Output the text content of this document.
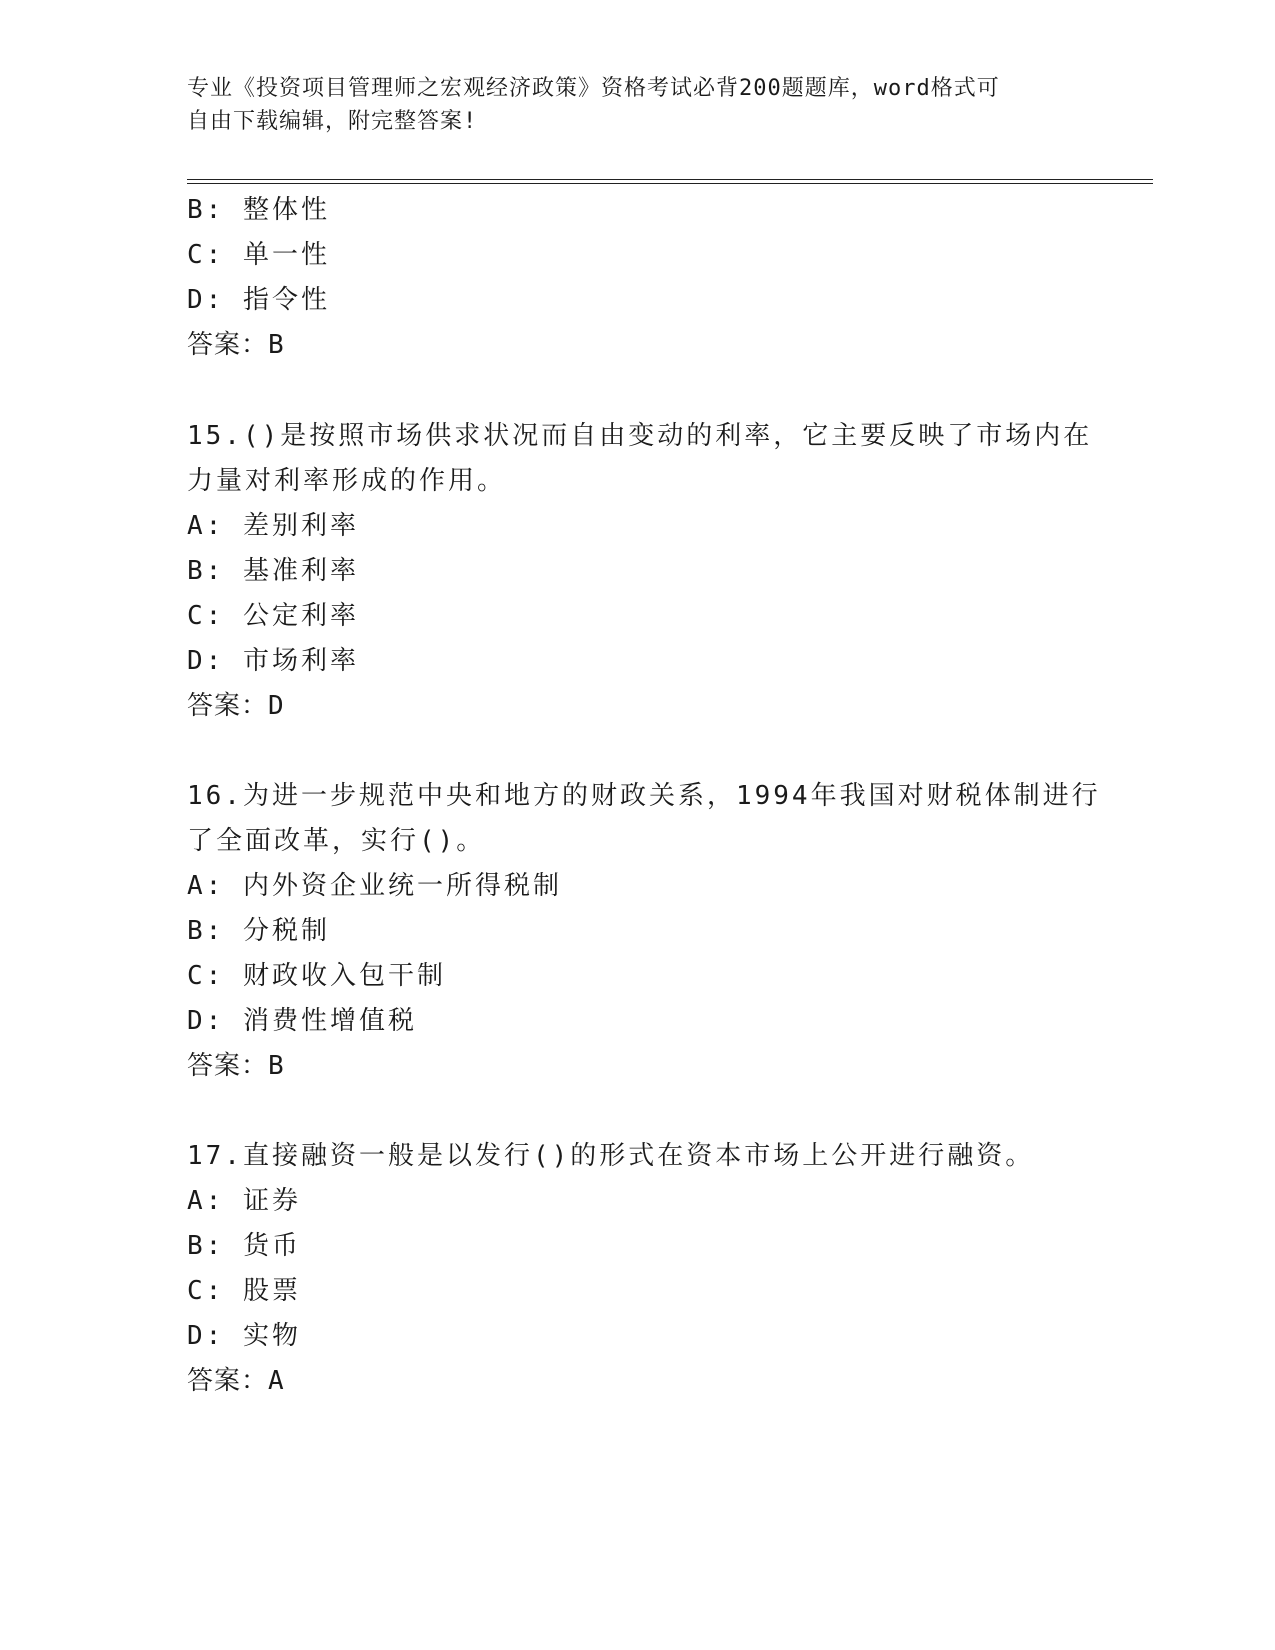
专业《投资项目管理师之宏观经济政策》资格考试必背200题题库，word格式可
自由下载编辑，附完整答案!
B: 整体性
C: 单一性
D: 指令性
答案：B
15.()是按照市场供求状况而自由变动的利率，它主要反映了市场内在
力量对利率形成的作用。
A: 差别利率
B: 基准利率
C: 公定利率
D: 市场利率
答案：D
16.为进一步规范中央和地方的财政关系，1994年我国对财税体制进行
了全面改革，实行()。
A: 内外资企业统一所得税制
B: 分税制
C: 财政收入包干制
D: 消费性增值税
答案：B
17.直接融资一般是以发行()的形式在资本市场上公开进行融资。
A: 证券
B: 货币
C: 股票
D: 实物
答案：A
